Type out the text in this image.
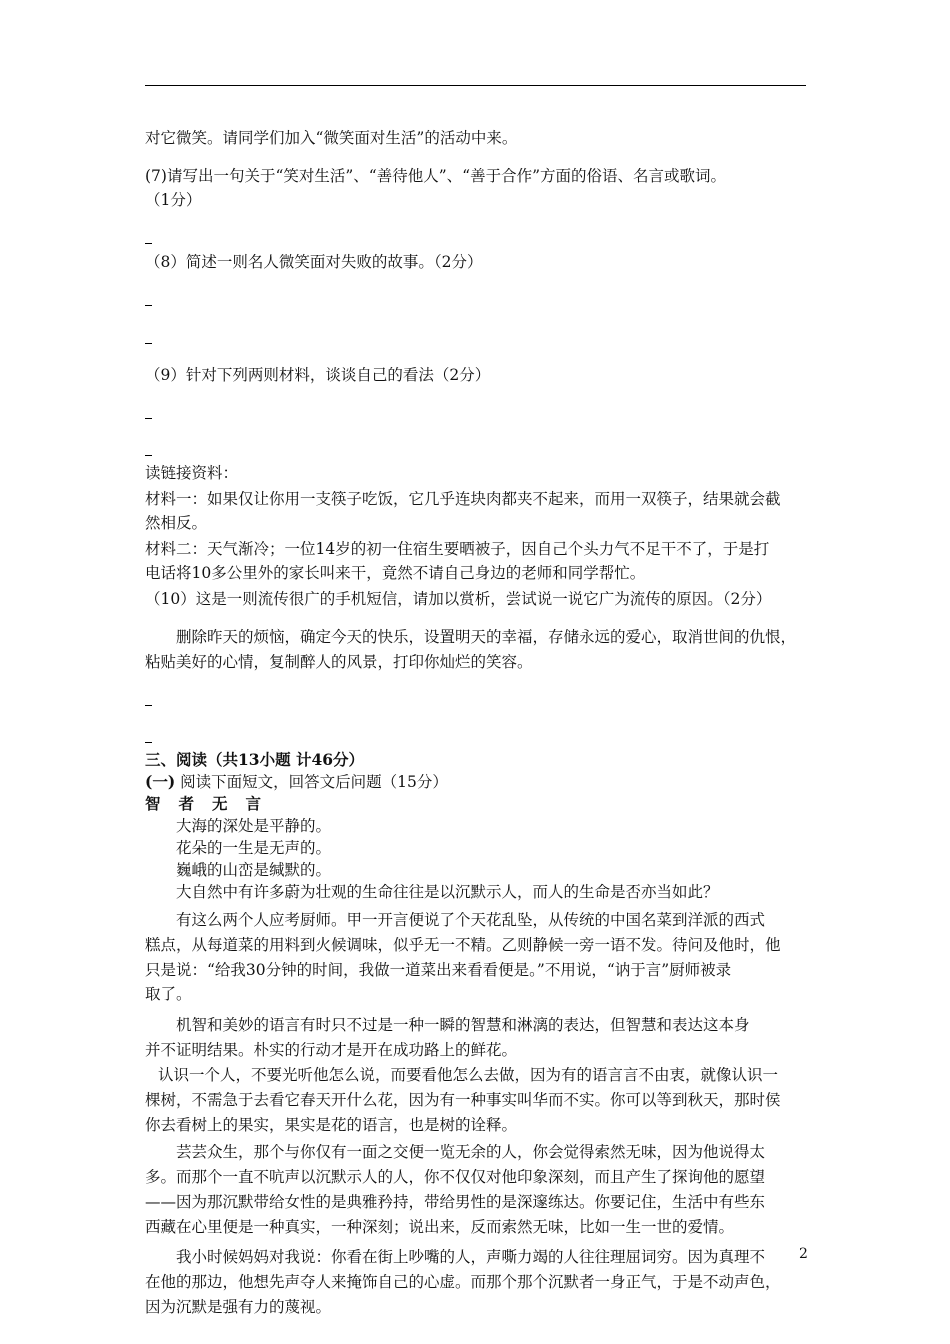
对它微笑。请同学们加入“微笑面对生活”的活动中来。
(7)请写出一句关于“笑对生活”、“善待他人”、“善于合作”方面的俗语、名言或歌词。
（1分）
（8）简述一则名人微笑面对失败的故事。（2分）
（9）针对下列两则材料，谈谈自己的看法（2分）
读链接资料：
材料一：如果仅让你用一支筷子吃饭，它几乎连块肉都夹不起来，而用一双筷子，结果就会截
然相反。
材料二：天气渐冷；一位14岁的初一住宿生要晒被子，因自己个头力气不足干不了，于是打
电话将10多公里外的家长叫来干，竟然不请自己身边的老师和同学帮忙。
（10）这是一则流传很广的手机短信，请加以赏析，尝试说一说它广为流传的原因。（2分）
删除昨天的烦恼，确定今天的快乐，设置明天的幸福，存储永远的爱心，取消世间的仇恨，
粘贴美好的心情，复制醉人的风景，打印你灿烂的笑容。
三、阅读（共13小题 计46分）
(一) 阅读下面短文，回答文后问题（15分）
智者无言
大海的深处是平静的。
花朵的一生是无声的。
巍峨的山峦是缄默的。
大自然中有许多蔚为壮观的生命往往是以沉默示人，而人的生命是否亦当如此？
有这么两个人应考厨师。甲一开言便说了个天花乱坠，从传统的中国名菜到洋派的西式
糕点，从每道菜的用料到火候调味，似乎无一不精。乙则静候一旁一语不发。待问及他时，他
只是说：“给我30分钟的时间，我做一道菜出来看看便是。”不用说，“讷于言”厨师被录
取了。
机智和美妙的语言有时只不过是一种一瞬的智慧和淋漓的表达，但智慧和表达这本身
并不证明结果。朴实的行动才是开在成功路上的鲜花。
认识一个人，不要光听他怎么说，而要看他怎么去做，因为有的语言言不由衷，就像认识一
棵树，不需急于去看它春天开什么花，因为有一种事实叫华而不实。你可以等到秋天，那时侯
你去看树上的果实，果实是花的语言，也是树的诠释。
芸芸众生，那个与你仅有一面之交便一览无余的人，你会觉得索然无味，因为他说得太
多。而那个一直不吭声以沉默示人的人，你不仅仅对他印象深刻，而且产生了探询他的愿望
——因为那沉默带给女性的是典雅矜持，带给男性的是深邃练达。你要记住，生活中有些东
西藏在心里便是一种真实，一种深刻；说出来，反而索然无味，比如一生一世的爱情。
我小时候妈妈对我说：你看在街上吵嘴的人，声嘶力竭的人往往理屈词穷。因为真理不
在他的那边，他想先声夺人来掩饰自己的心虚。而那个那个沉默者一身正气，于是不动声色，
因为沉默是强有力的蔑视。
2
